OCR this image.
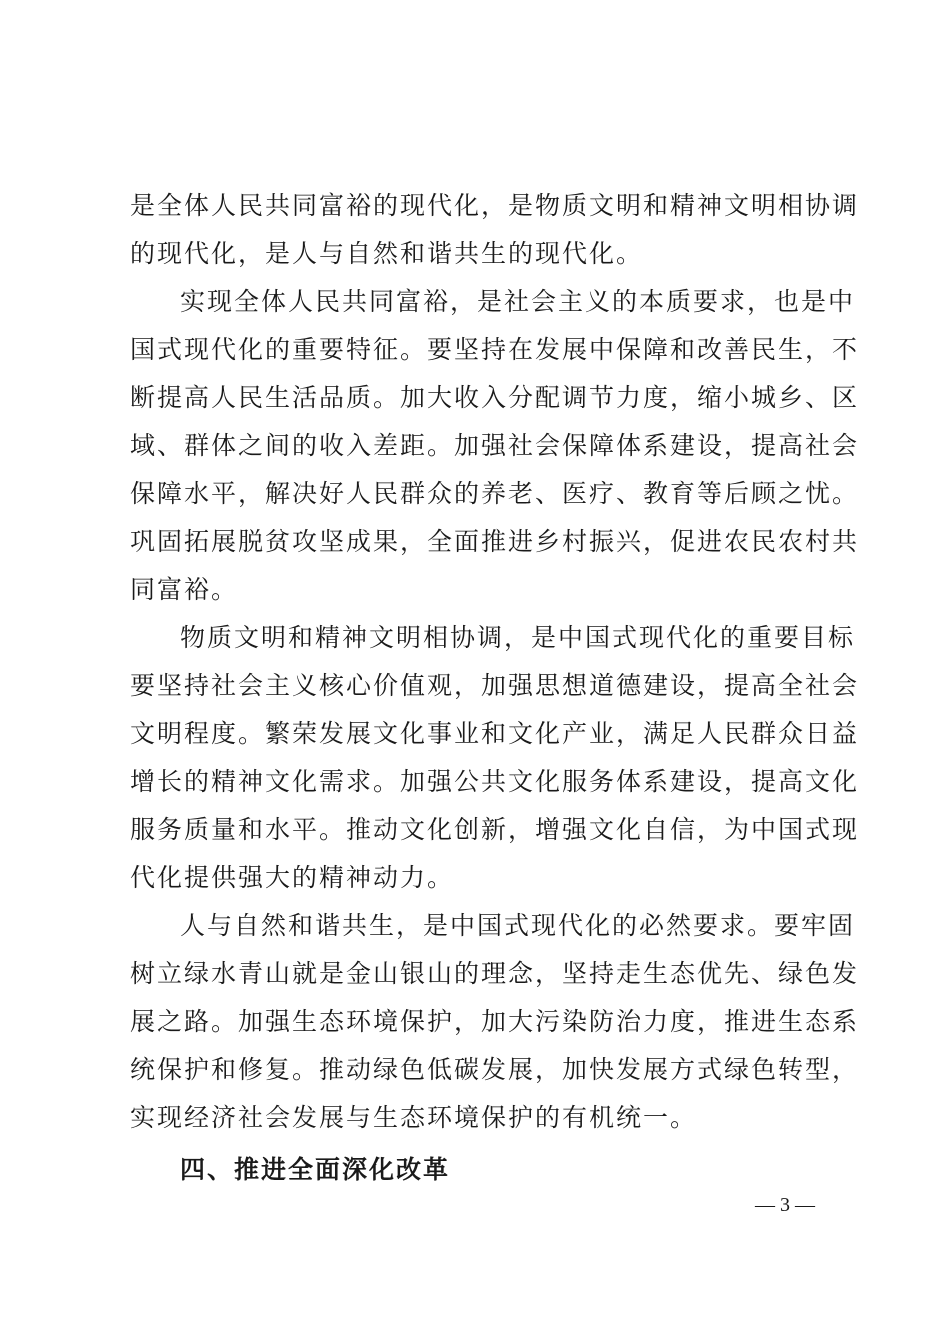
是全体人民共同富裕的现代化，是物质文明和精神文明相协调
的现代化，是人与自然和谐共生的现代化。
实现全体人民共同富裕，是社会主义的本质要求，也是中
国式现代化的重要特征。要坚持在发展中保障和改善民生，不
断提高人民生活品质。加大收入分配调节力度，缩小城乡、区
域、群体之间的收入差距。加强社会保障体系建设，提高社会
保障水平，解决好人民群众的养老、医疗、教育等后顾之忧。
巩固拓展脱贫攻坚成果，全面推进乡村振兴，促进农民农村共
同富裕。
物质文明和精神文明相协调，是中国式现代化的重要目标
要坚持社会主义核心价值观，加强思想道德建设，提高全社会
文明程度。繁荣发展文化事业和文化产业，满足人民群众日益
增长的精神文化需求。加强公共文化服务体系建设，提高文化
服务质量和水平。推动文化创新，增强文化自信，为中国式现
代化提供强大的精神动力。
人与自然和谐共生，是中国式现代化的必然要求。要牢固
树立绿水青山就是金山银山的理念，坚持走生态优先、绿色发
展之路。加强生态环境保护，加大污染防治力度，推进生态系
统保护和修复。推动绿色低碳发展，加快发展方式绿色转型，
实现经济社会发展与生态环境保护的有机统一。
四、推进全面深化改革
— 3 —
